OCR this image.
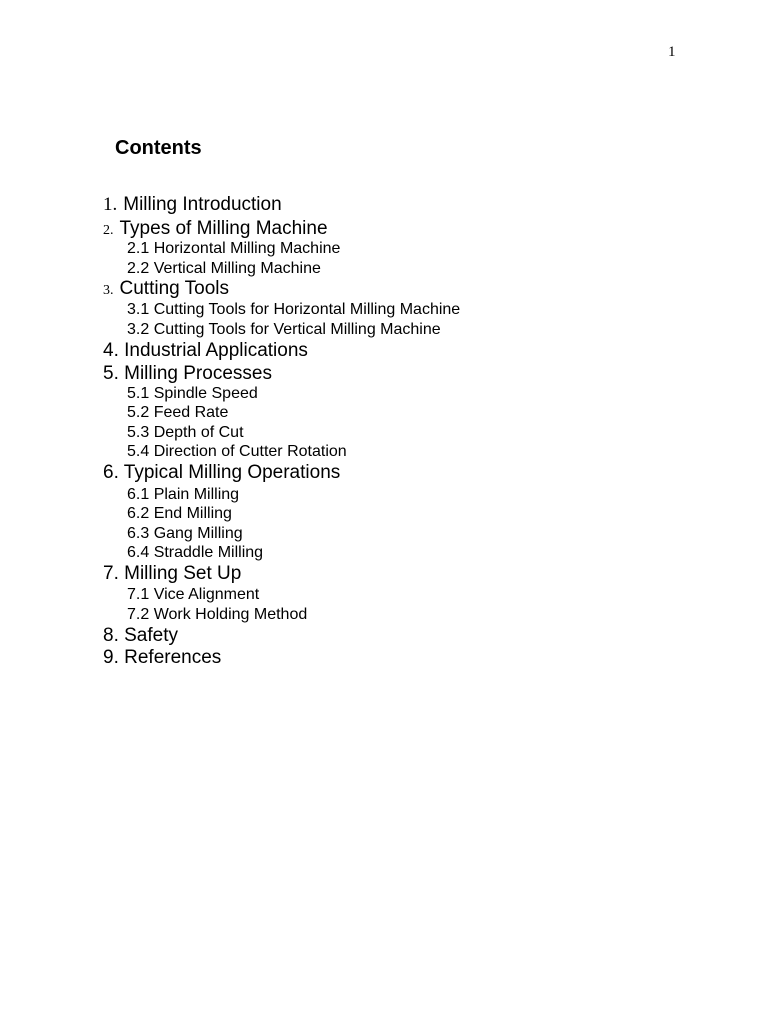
1
Contents
1. Milling Introduction
2. Types of Milling Machine
2.1 Horizontal Milling Machine
2.2 Vertical Milling Machine
3. Cutting Tools
3.1 Cutting Tools for Horizontal Milling Machine
3.2 Cutting Tools for Vertical Milling Machine
4. Industrial Applications
5. Milling Processes
5.1 Spindle Speed
5.2 Feed Rate
5.3 Depth of Cut
5.4 Direction of Cutter Rotation
6. Typical Milling Operations
6.1 Plain Milling
6.2 End Milling
6.3 Gang Milling
6.4 Straddle Milling
7. Milling Set Up
7.1 Vice Alignment
7.2 Work Holding Method
8. Safety
9. References
